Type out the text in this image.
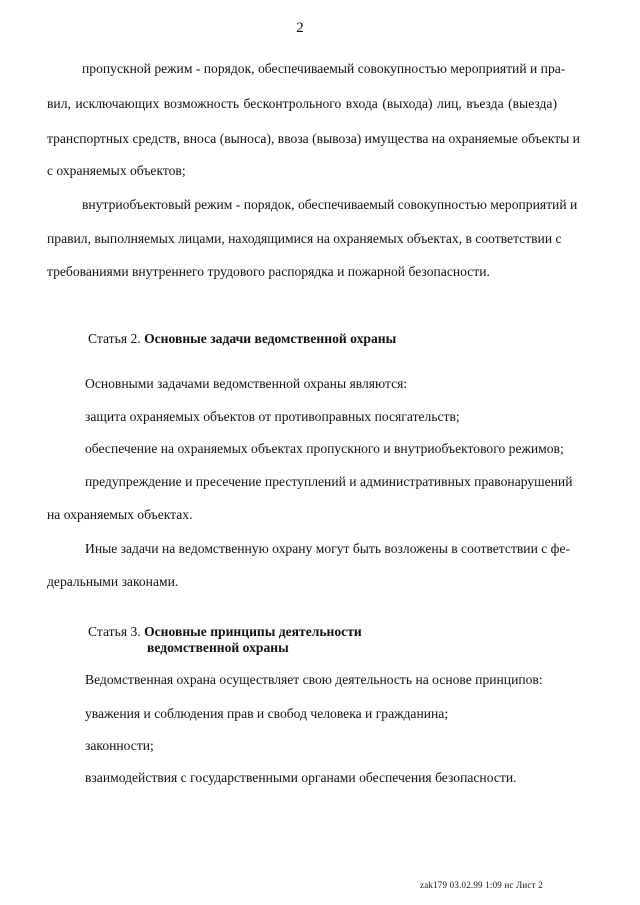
2
пропускной режим - порядок, обеспечиваемый совокупностью мероприятий и пра-
вил, исключающих возможность бесконтрольного входа (выхода) лиц, въезда (выезда)
транспортных средств, вноса (выноса), ввоза (вывоза) имущества на охраняемые объекты и
с охраняемых объектов;
внутриобъектовый режим - порядок, обеспечиваемый совокупностью мероприятий и
правил, выполняемых лицами, находящимися на охраняемых объектах, в соответствии с
требованиями внутреннего трудового распорядка и пожарной безопасности.
Статья 2. Основные задачи ведомственной охраны
Основными задачами ведомственной охраны являются:
защита охраняемых объектов от противоправных посягательств;
обеспечение на охраняемых объектах пропускного и внутриобъектового режимов;
предупреждение и пресечение преступлений и административных правонарушений
на охраняемых объектах.
Иные задачи на ведомственную охрану могут быть возложены в соответствии с фе-
деральными законами.
Статья 3. Основные принципы деятельности
ведомственной охраны
Ведомственная охрана осуществляет свою деятельность на основе принципов:
уважения и соблюдения прав и свобод человека и гражданина;
законности;
взаимодействия с государственными органами обеспечения безопасности.
zak179 03.02.99 1:09 нс Лист 2
